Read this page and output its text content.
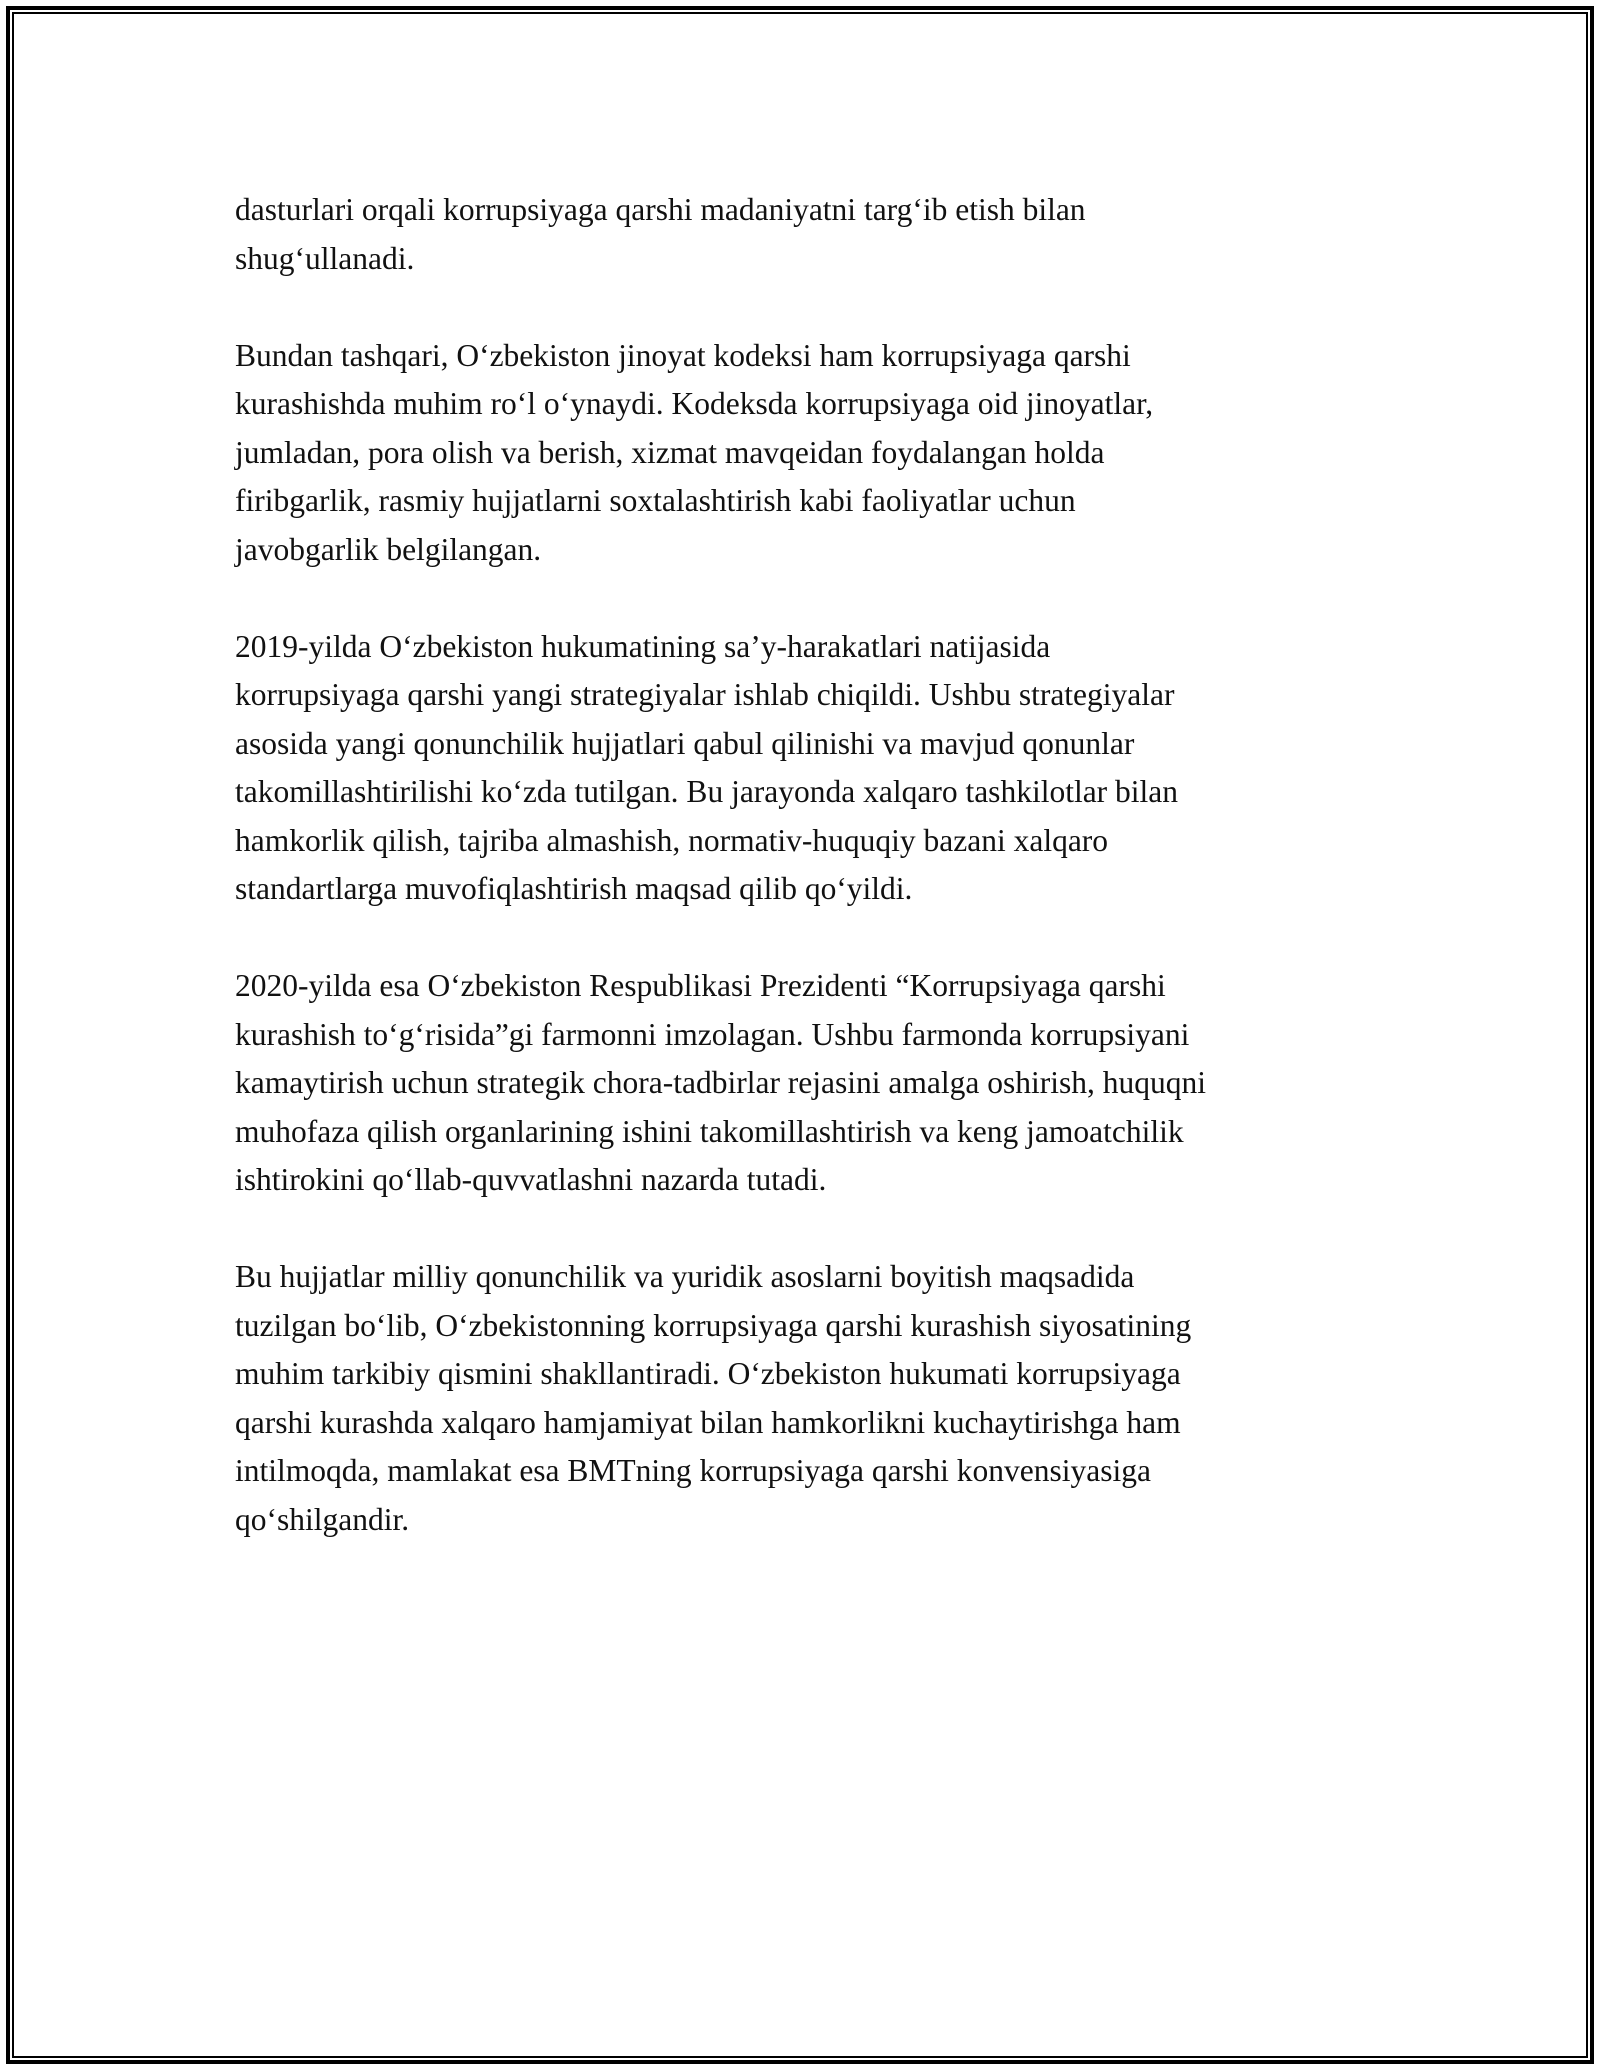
dasturlari orqali korrupsiyaga qarshi madaniyatni targ‘ib etish bilan
shug‘ullanadi.

Bundan tashqari, O‘zbekiston jinoyat kodeksi ham korrupsiyaga qarshi
kurashishda muhim ro‘l o‘ynaydi. Kodeksda korrupsiyaga oid jinoyatlar,
jumladan, pora olish va berish, xizmat mavqeidan foydalangan holda
firibgarlik, rasmiy hujjatlarni soxtalashtirish kabi faoliyatlar uchun
javobgarlik belgilangan.

2019-yilda O‘zbekiston hukumatining sa’y-harakatlari natijasida
korrupsiyaga qarshi yangi strategiyalar ishlab chiqildi. Ushbu strategiyalar
asosida yangi qonunchilik hujjatlari qabul qilinishi va mavjud qonunlar
takomillashtirilishi ko‘zda tutilgan. Bu jarayonda xalqaro tashkilotlar bilan
hamkorlik qilish, tajriba almashish, normativ-huquqiy bazani xalqaro
standartlarga muvofiqlashtirish maqsad qilib qo‘yildi.

2020-yilda esa O‘zbekiston Respublikasi Prezidenti “Korrupsiyaga qarshi
kurashish to‘g‘risida”gi farmonni imzolagan. Ushbu farmonda korrupsiyani
kamaytirish uchun strategik chora-tadbirlar rejasini amalga oshirish, huquqni
muhofaza qilish organlarining ishini takomillashtirish va keng jamoatchilik
ishtirokini qo‘llab-quvvatlashni nazarda tutadi.

Bu hujjatlar milliy qonunchilik va yuridik asoslarni boyitish maqsadida
tuzilgan bo‘lib, O‘zbekistonning korrupsiyaga qarshi kurashish siyosatining
muhim tarkibiy qismini shakllantiradi. O‘zbekiston hukumati korrupsiyaga
qarshi kurashda xalqaro hamjamiyat bilan hamkorlikni kuchaytirishga ham
intilmoqda, mamlakat esa BMTning korrupsiyaga qarshi konvensiyasiga
qo‘shilgandir.
